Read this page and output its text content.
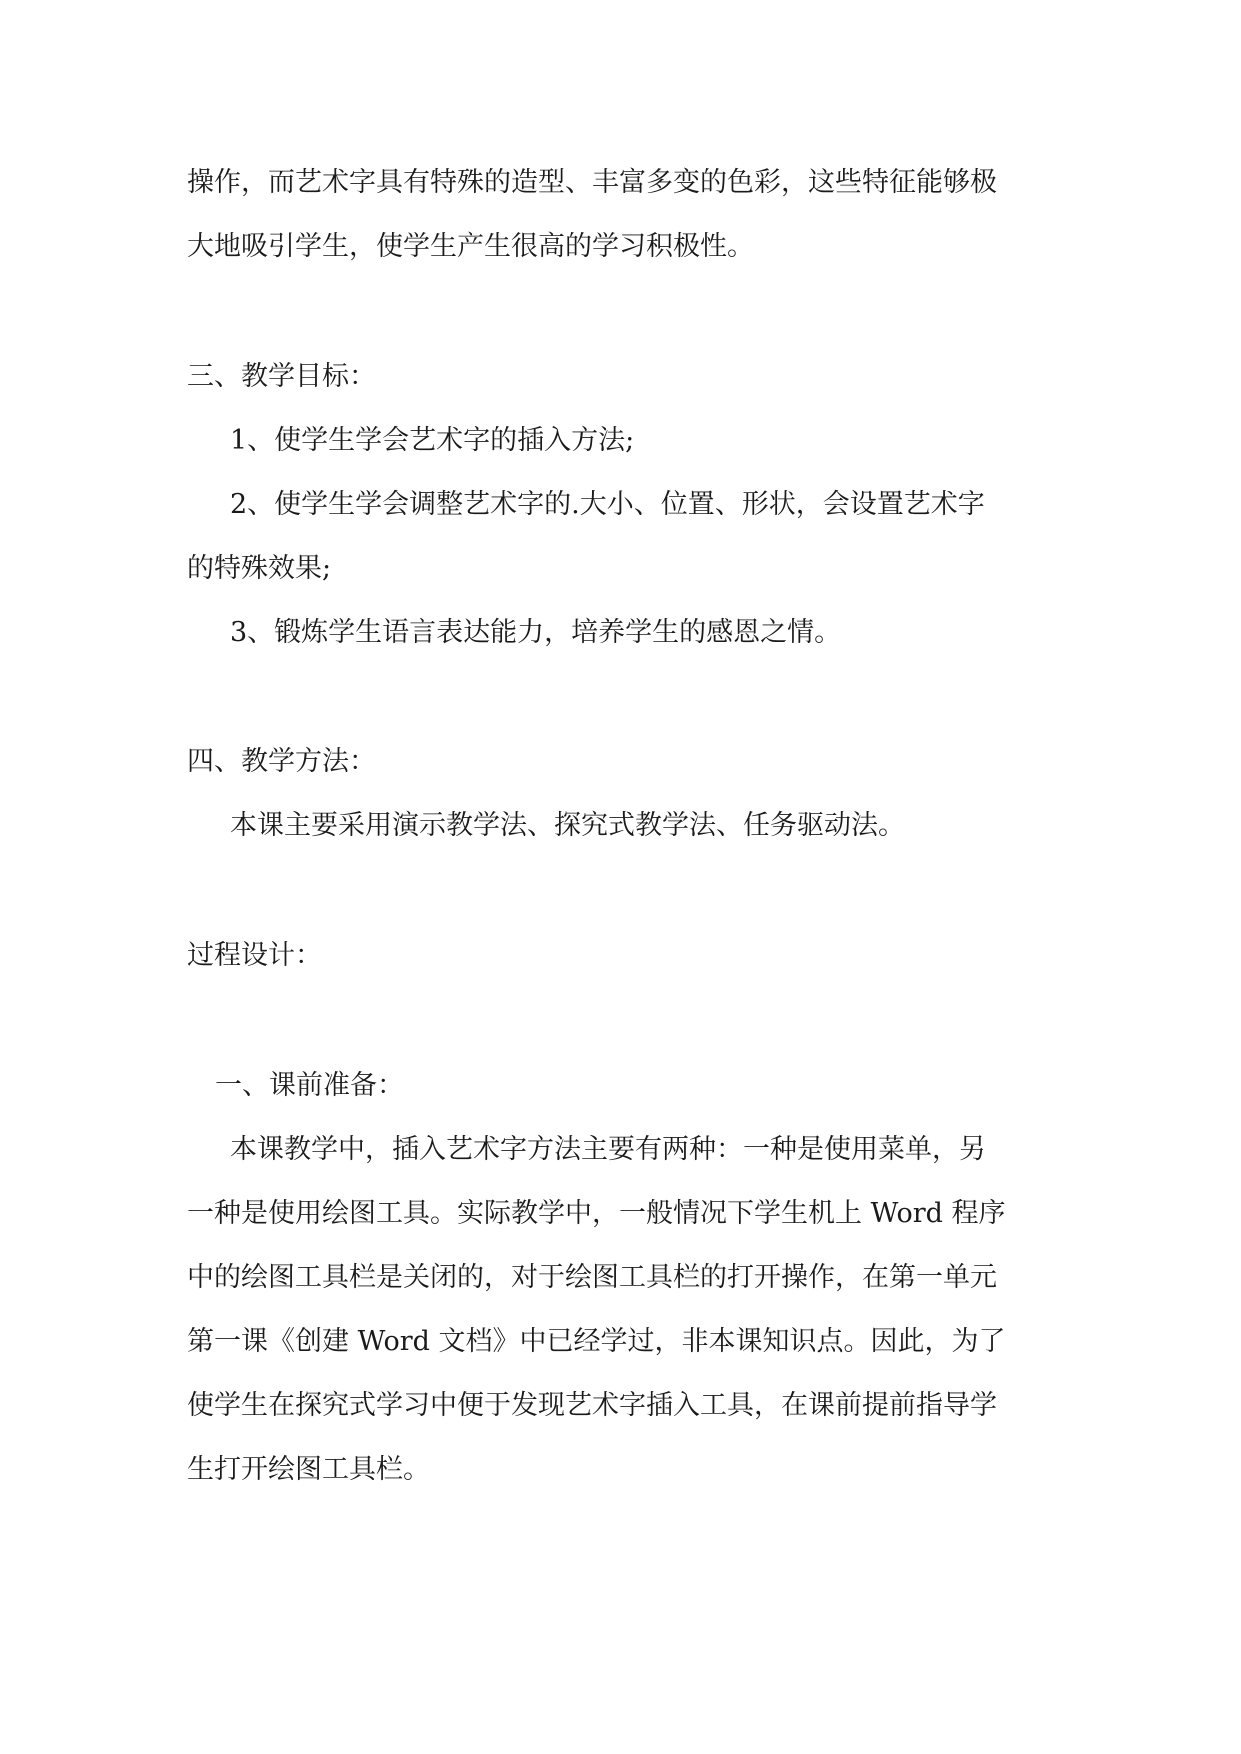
操作，而艺术字具有特殊的造型、丰富多变的色彩，这些特征能够极

大地吸引学生，使学生产生很高的学习积极性。

三、教学目标：

1、使学生学会艺术字的插入方法;

2、使学生学会调整艺术字的.大小、位置、形状，会设置艺术字

的特殊效果;

3、锻炼学生语言表达能力，培养学生的感恩之情。

四、教学方法：

本课主要采用演示教学法、探究式教学法、任务驱动法。

过程设计：

一、课前准备：

本课教学中，插入艺术字方法主要有两种：一种是使用菜单，另

一种是使用绘图工具。实际教学中，一般情况下学生机上 Word 程序

中的绘图工具栏是关闭的，对于绘图工具栏的打开操作，在第一单元

第一课《创建 Word 文档》中已经学过，非本课知识点。因此，为了

使学生在探究式学习中便于发现艺术字插入工具，在课前提前指导学

生打开绘图工具栏。
